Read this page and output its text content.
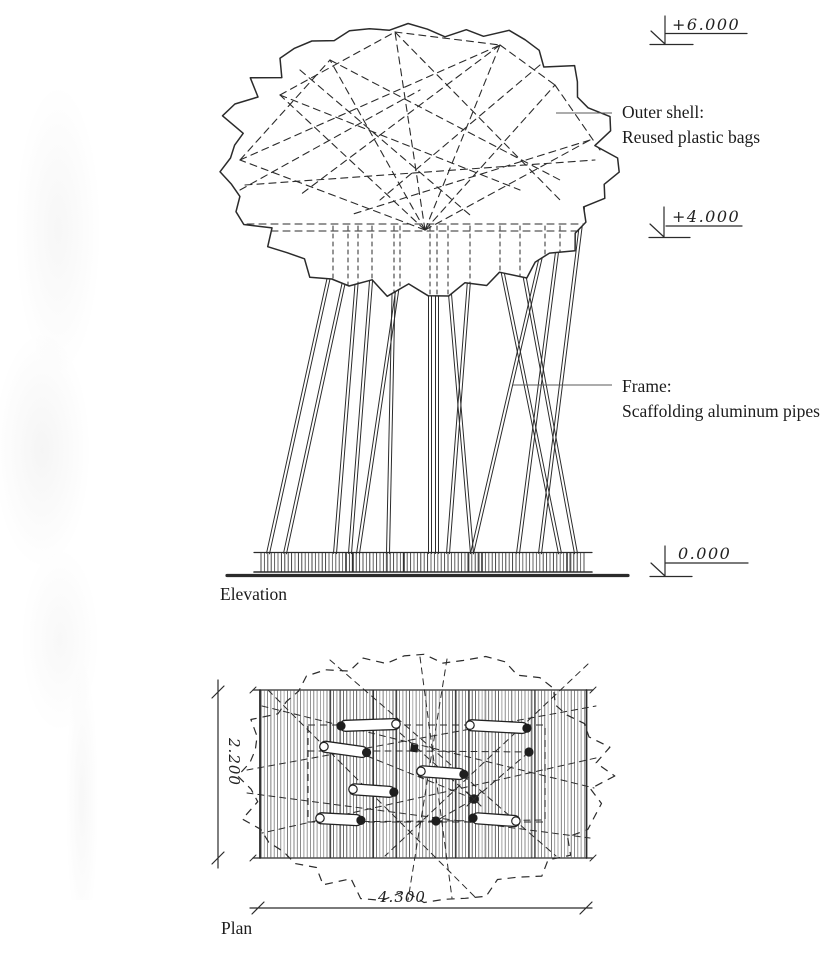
+6.000
+4.000
0.000
Outer shell:
Reused plastic bags
Frame:
Scaffolding aluminum pipes
Elevation
Plan
2.200
4.300
